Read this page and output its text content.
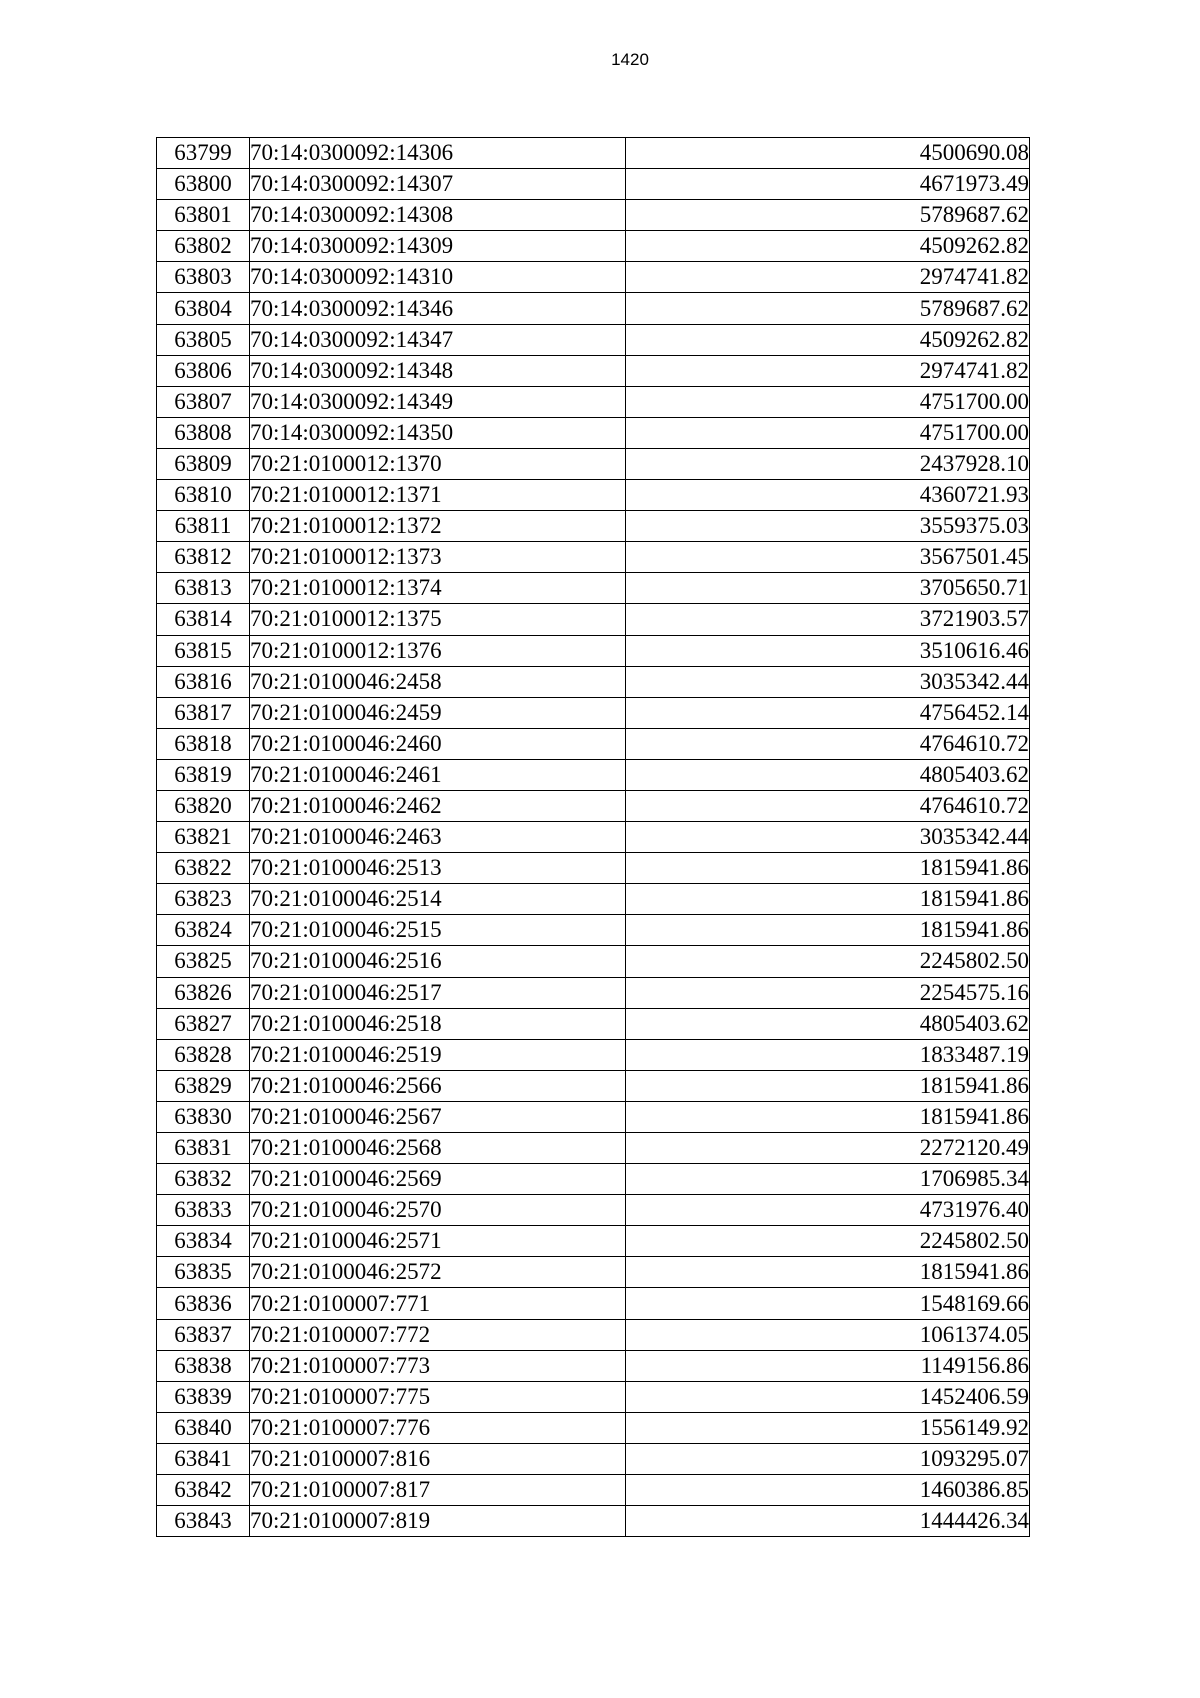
1420
63799	70:14:0300092:14306	4500690.08
63800	70:14:0300092:14307	4671973.49
63801	70:14:0300092:14308	5789687.62
63802	70:14:0300092:14309	4509262.82
63803	70:14:0300092:14310	2974741.82
63804	70:14:0300092:14346	5789687.62
63805	70:14:0300092:14347	4509262.82
63806	70:14:0300092:14348	2974741.82
63807	70:14:0300092:14349	4751700.00
63808	70:14:0300092:14350	4751700.00
63809	70:21:0100012:1370	2437928.10
63810	70:21:0100012:1371	4360721.93
63811	70:21:0100012:1372	3559375.03
63812	70:21:0100012:1373	3567501.45
63813	70:21:0100012:1374	3705650.71
63814	70:21:0100012:1375	3721903.57
63815	70:21:0100012:1376	3510616.46
63816	70:21:0100046:2458	3035342.44
63817	70:21:0100046:2459	4756452.14
63818	70:21:0100046:2460	4764610.72
63819	70:21:0100046:2461	4805403.62
63820	70:21:0100046:2462	4764610.72
63821	70:21:0100046:2463	3035342.44
63822	70:21:0100046:2513	1815941.86
63823	70:21:0100046:2514	1815941.86
63824	70:21:0100046:2515	1815941.86
63825	70:21:0100046:2516	2245802.50
63826	70:21:0100046:2517	2254575.16
63827	70:21:0100046:2518	4805403.62
63828	70:21:0100046:2519	1833487.19
63829	70:21:0100046:2566	1815941.86
63830	70:21:0100046:2567	1815941.86
63831	70:21:0100046:2568	2272120.49
63832	70:21:0100046:2569	1706985.34
63833	70:21:0100046:2570	4731976.40
63834	70:21:0100046:2571	2245802.50
63835	70:21:0100046:2572	1815941.86
63836	70:21:0100007:771	1548169.66
63837	70:21:0100007:772	1061374.05
63838	70:21:0100007:773	1149156.86
63839	70:21:0100007:775	1452406.59
63840	70:21:0100007:776	1556149.92
63841	70:21:0100007:816	1093295.07
63842	70:21:0100007:817	1460386.85
63843	70:21:0100007:819	1444426.34
